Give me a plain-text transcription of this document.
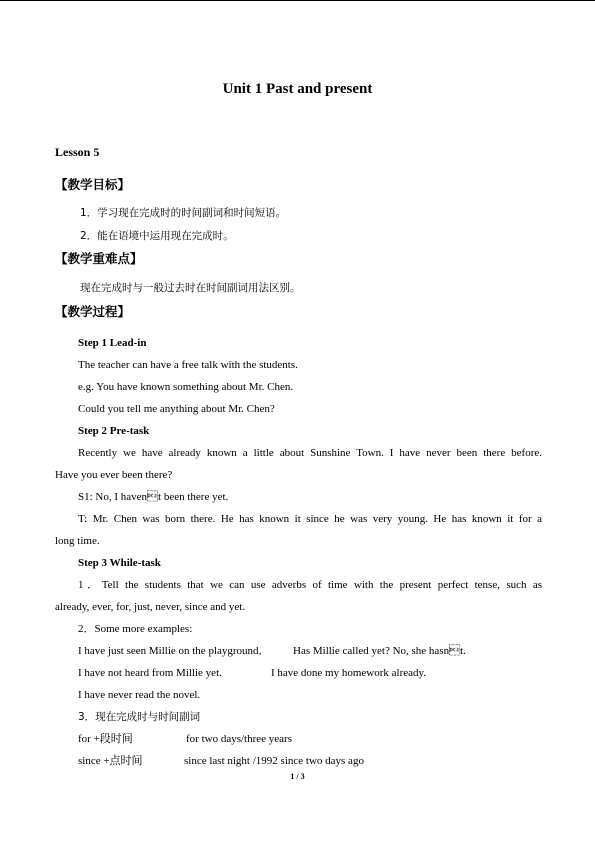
Unit 1 Past and present
Lesson 5
【教学目标】
1．学习现在完成时的时间副词和时间短语。
2．能在语境中运用现在完成时。
【教学重难点】
现在完成时与一般过去时在时间副词用法区别。
【教学过程】
Step 1 Lead-in
The teacher can have a free talk with the students.
e.g. You have known something about Mr. Chen.
Could you tell me anything about Mr. Chen?
Step 2 Pre-task
Recently we have already known a little about Sunshine Town. I have never been there before.
Have you ever been there?
S1: No, I havent been there yet.
T: Mr. Chen was born there. He has known it since he was very young. He has known it for a
long time.
Step 3 While-task
1．Tell the students that we can use adverbs of time with the present perfect tense, such as
already, ever, for, just, never, since and yet.
2．Some more examples:
I have just seen Millie on the playground． Has Millie called yet? No, she hasnt.
I have not heard from Millie yet.	I have done my homework already.
I have never read the novel.  
3．现在完成时与时间副词
for +段时间	for two days/three years
since +点时间	since last night /1992 since two days ago
1 / 3
